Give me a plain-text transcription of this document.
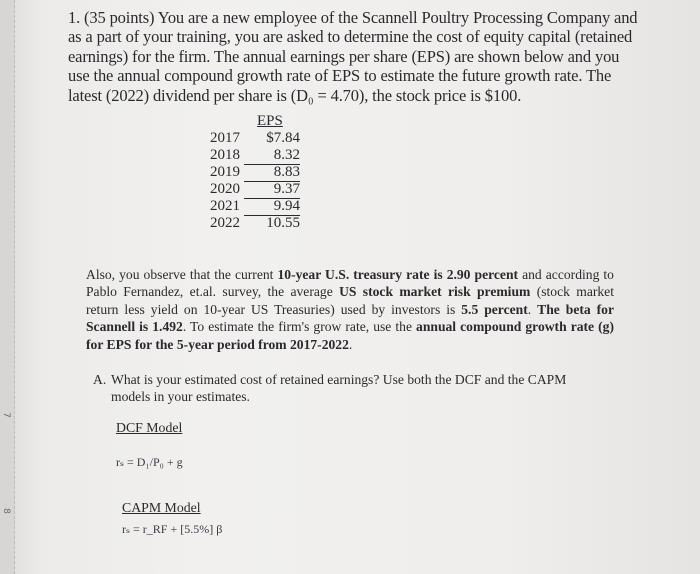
7
8
1. (35 points) You are a new employee of the Scannell Poultry Processing Company and as a part of your training, you are asked to determine the cost of equity capital (retained earnings) for the firm. The annual earnings per share (EPS) are shown below and you use the annual compound growth rate of EPS to estimate the future growth rate. The latest (2022) dividend per share is (D₀ = 4.70), the stock price is $100.
EPS
2017 $7.84
2018 8.32
2019 8.83
2020 9.37
2021 9.94
2022 10.55
Also, you observe that the current 10-year U.S. treasury rate is 2.90 percent and according to Pablo Fernandez, et.al. survey, the average US stock market risk premium (stock market return less yield on 10-year US Treasuries) used by investors is 5.5 percent. The beta for Scannell is 1.492. To estimate the firm's grow rate, use the annual compound growth rate (g) for EPS for the 5-year period from 2017-2022.
A. What is your estimated cost of retained earnings? Use both the DCF and the CAPM
models in your estimates.
DCF Model
rₛ = D₁/P₀ + g
CAPM Model
rₛ = r_RF + [5.5%] β
